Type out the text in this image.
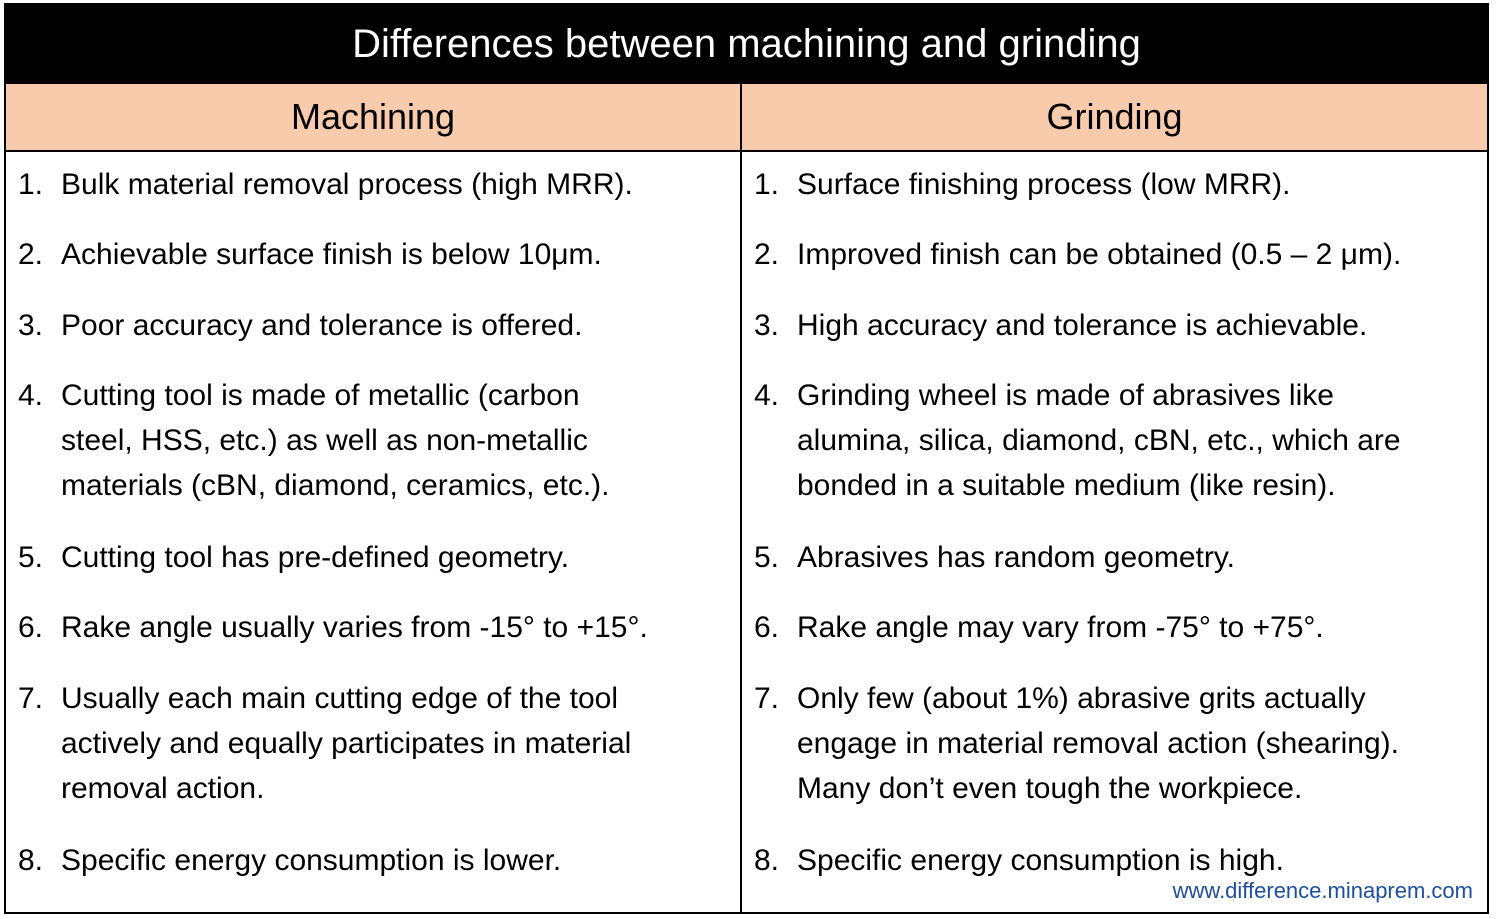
Differences between machining and grinding
Machining	Grinding
1. Bulk material removal process (high MRR).
2. Achievable surface finish is below 10μm.
3. Poor accuracy and tolerance is offered.
4. Cutting tool is made of metallic (carbon
steel, HSS, etc.) as well as non-metallic
materials (cBN, diamond, ceramics, etc.).
5. Cutting tool has pre-defined geometry.
6. Rake angle usually varies from -15° to +15°.
7. Usually each main cutting edge of the tool
actively and equally participates in material
removal action.
8. Specific energy consumption is lower.
1. Surface finishing process (low MRR).
2. Improved finish can be obtained (0.5 – 2 μm).
3. High accuracy and tolerance is achievable.
4. Grinding wheel is made of abrasives like
alumina, silica, diamond, cBN, etc., which are
bonded in a suitable medium (like resin).
5. Abrasives has random geometry.
6. Rake angle may vary from -75° to +75°.
7. Only few (about 1%) abrasive grits actually
engage in material removal action (shearing).
Many don’t even tough the workpiece.
8. Specific energy consumption is high.
www.difference.minaprem.com
